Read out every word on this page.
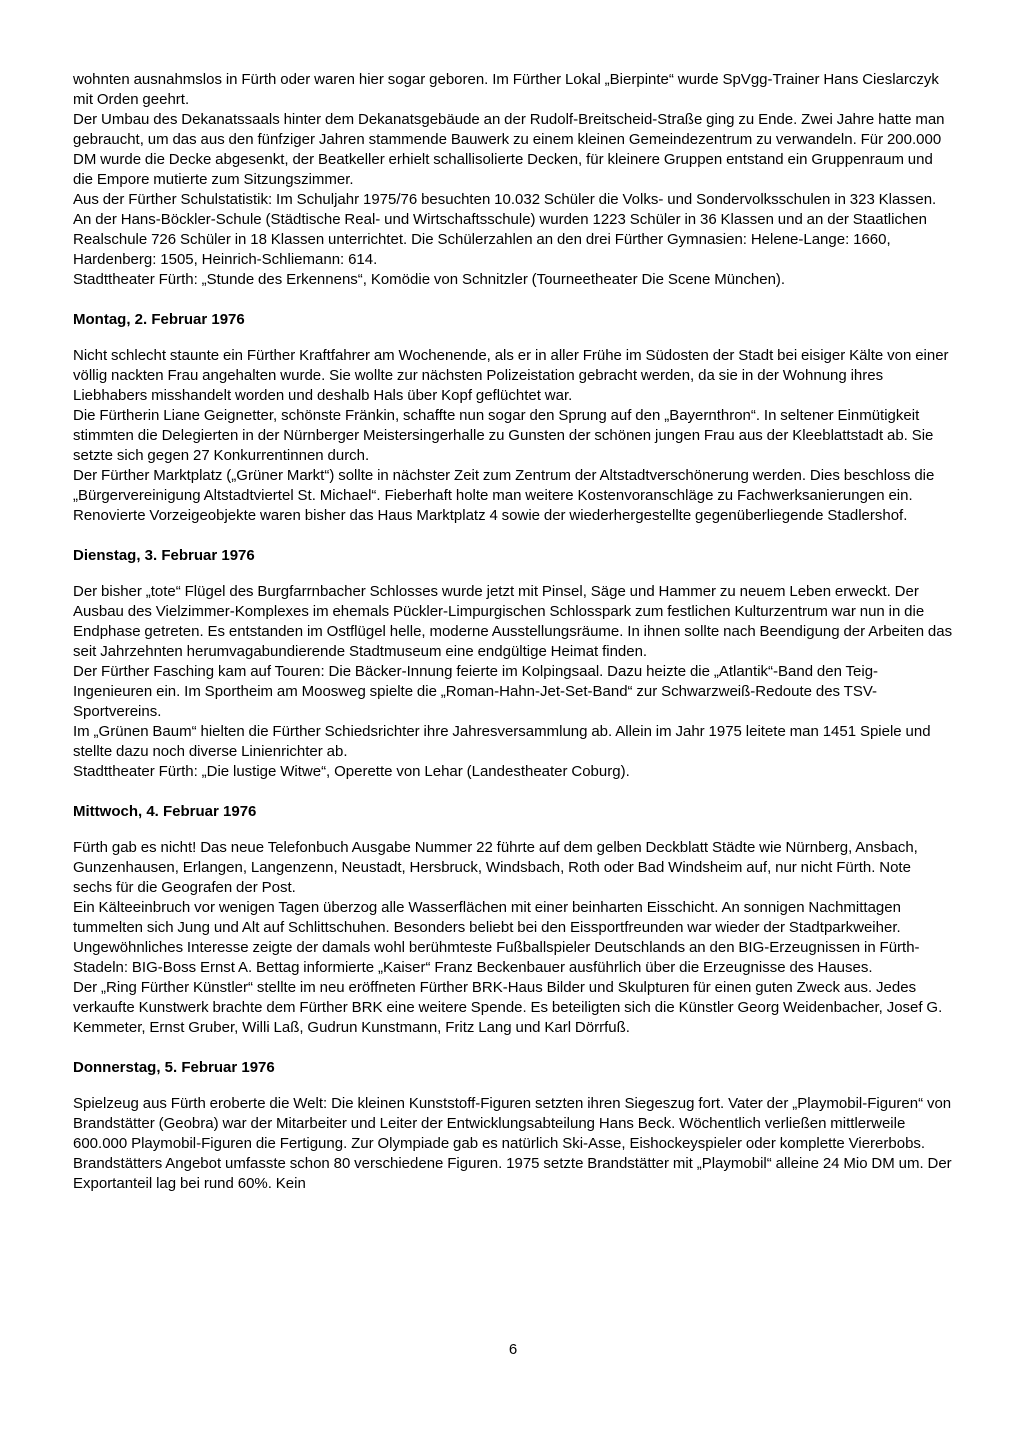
wohnten ausnahmslos in Fürth oder waren hier sogar geboren. Im Fürther Lokal „Bierpinte“ wurde SpVgg-Trainer Hans Cieslarczyk mit Orden geehrt.

Der Umbau des Dekanatssaals hinter dem Dekanatsgebäude an der Rudolf-Breitscheid-Straße ging zu Ende. Zwei Jahre hatte man gebraucht, um das aus den fünfziger Jahren stammende Bauwerk zu einem kleinen Gemeindezentrum zu verwandeln. Für 200.000 DM wurde die Decke abgesenkt, der Beatkeller erhielt schallisolierte Decken, für kleinere Gruppen entstand ein Gruppenraum und die Empore mutierte zum Sitzungszimmer.

Aus der Fürther Schulstatistik: Im Schuljahr 1975/76 besuchten 10.032 Schüler die Volks- und Sondervolksschulen in 323 Klassen. An der Hans-Böckler-Schule (Städtische Real- und Wirtschaftsschule) wurden 1223 Schüler in 36 Klassen und an der Staatlichen Realschule 726 Schüler in 18 Klassen unterrichtet. Die Schülerzahlen an den drei Fürther Gymnasien: Helene-Lange: 1660, Hardenberg: 1505, Heinrich-Schliemann: 614.

Stadttheater Fürth: „Stunde des Erkennens“, Komödie von Schnitzler (Tourneetheater Die Scene München).

Montag, 2. Februar 1976

Nicht schlecht staunte ein Fürther Kraftfahrer am Wochenende, als er in aller Frühe im Südosten der Stadt bei eisiger Kälte von einer völlig nackten Frau angehalten wurde. Sie wollte zur nächsten Polizeistation gebracht werden, da sie in der Wohnung ihres Liebhabers misshandelt worden und deshalb Hals über Kopf geflüchtet war.

Die Fürtherin Liane Geignetter, schönste Fränkin, schaffte nun sogar den Sprung auf den „Bayernthron“. In seltener Einmütigkeit stimmten die Delegierten in der Nürnberger Meistersingerhalle zu Gunsten der schönen jungen Frau aus der Kleeblattstadt ab. Sie setzte sich gegen 27 Konkurrentinnen durch.

Der Fürther Marktplatz („Grüner Markt“) sollte in nächster Zeit zum Zentrum der Altstadtverschönerung werden. Dies beschloss die „Bürgervereinigung Altstadtviertel St. Michael“. Fieberhaft holte man weitere Kostenvoranschläge zu Fachwerksanierungen ein. Renovierte Vorzeigeobjekte waren bisher das Haus Marktplatz 4 sowie der wiederhergestellte gegenüberliegende Stadlershof.

Dienstag, 3. Februar 1976

Der bisher „tote“ Flügel des Burgfarrnbacher Schlosses wurde jetzt mit Pinsel, Säge und Hammer zu neuem Leben erweckt. Der Ausbau des Vielzimmer-Komplexes im ehemals Pückler-Limpurgischen Schlosspark zum festlichen Kulturzentrum war nun in die Endphase getreten. Es entstanden im Ostflügel helle, moderne Ausstellungsräume. In ihnen sollte nach Beendigung der Arbeiten das seit Jahrzehnten herumvagabundierende Stadtmuseum eine endgültige Heimat finden.

Der Fürther Fasching kam auf Touren: Die Bäcker-Innung feierte im Kolpingsaal. Dazu heizte die „Atlantik“-Band den Teig-Ingenieuren ein. Im Sportheim am Moosweg spielte die „Roman-Hahn-Jet-Set-Band“ zur Schwarzweiß-Redoute des TSV-Sportvereins.

Im „Grünen Baum“ hielten die Fürther Schiedsrichter ihre Jahresversammlung ab. Allein im Jahr 1975 leitete man 1451 Spiele und stellte dazu noch diverse Linienrichter ab.

Stadttheater Fürth: „Die lustige Witwe“, Operette von Lehar (Landestheater Coburg).

Mittwoch, 4. Februar 1976

Fürth gab es nicht! Das neue Telefonbuch Ausgabe Nummer 22 führte auf dem gelben Deckblatt Städte wie Nürnberg, Ansbach, Gunzenhausen, Erlangen, Langenzenn, Neustadt, Hersbruck, Windsbach, Roth oder Bad Windsheim auf, nur nicht Fürth. Note sechs für die Geografen der Post.

Ein Kälteeinbruch vor wenigen Tagen überzog alle Wasserflächen mit einer beinharten Eisschicht. An sonnigen Nachmittagen tummelten sich Jung und Alt auf Schlittschuhen. Besonders beliebt bei den Eissportfreunden war wieder der Stadtparkweiher.

Ungewöhnliches Interesse zeigte der damals wohl berühmteste Fußballspieler Deutschlands an den BIG-Erzeugnissen in Fürth-Stadeln: BIG-Boss Ernst A. Bettag informierte „Kaiser“ Franz Beckenbauer ausführlich über die Erzeugnisse des Hauses.

Der „Ring Fürther Künstler“ stellte im neu eröffneten Fürther BRK-Haus Bilder und Skulpturen für einen guten Zweck aus. Jedes verkaufte Kunstwerk brachte dem Fürther BRK eine weitere Spende. Es beteiligten sich die Künstler Georg Weidenbacher, Josef G. Kemmeter, Ernst Gruber, Willi Laß, Gudrun Kunstmann, Fritz Lang und Karl Dörrfuß.

Donnerstag, 5. Februar 1976

Spielzeug aus Fürth eroberte die Welt: Die kleinen Kunststoff-Figuren setzten ihren Siegeszug fort. Vater der „Playmobil-Figuren“ von Brandstätter (Geobra) war der Mitarbeiter und Leiter der Entwicklungsabteilung Hans Beck. Wöchentlich verließen mittlerweile 600.000 Playmobil-Figuren die Fertigung. Zur Olympiade gab es natürlich Ski-Asse, Eishockeyspieler oder komplette Viererbobs. Brandstätters Angebot umfasste schon 80 verschiedene Figuren. 1975 setzte Brandstätter mit „Playmobil“ alleine 24 Mio DM um. Der Exportanteil lag bei rund 60%. Kein

6
